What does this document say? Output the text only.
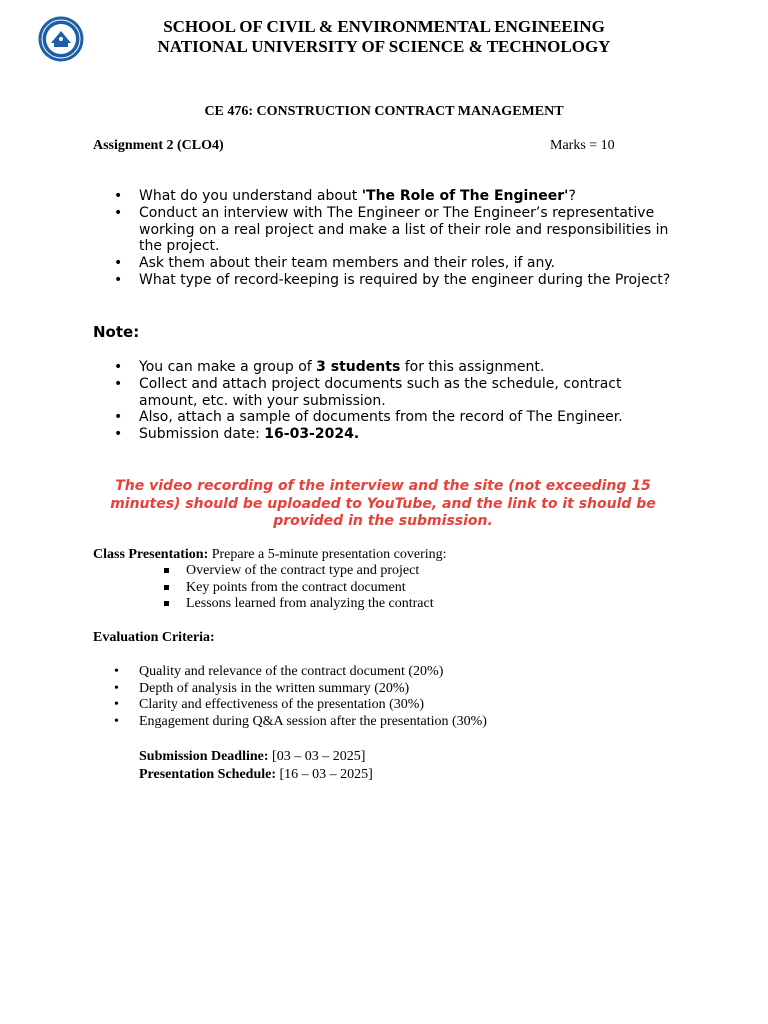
SCHOOL OF CIVIL & ENVIRONMENTAL ENGINEEING
NATIONAL UNIVERSITY OF SCIENCE & TECHNOLOGY
CE 476: CONSTRUCTION CONTRACT MANAGEMENT
Assignment 2 (CLO4)	Marks = 10
• What do you understand about 'The Role of The Engineer'?
• Conduct an interview with The Engineer or The Engineer’s representative working on a real project and make a list of their role and responsibilities in the project.
• Ask them about their team members and their roles, if any.
• What type of record-keeping is required by the engineer during the Project?
Note:
• You can make a group of 3 students for this assignment.
• Collect and attach project documents such as the schedule, contract amount, etc. with your submission.
• Also, attach a sample of documents from the record of The Engineer.
• Submission date: 16-03-2024.
The video recording of the interview and the site (not exceeding 15 minutes) should be uploaded to YouTube, and the link to it should be provided in the submission.
Class Presentation: Prepare a 5-minute presentation covering:
Overview of the contract type and project
Key points from the contract document
Lessons learned from analyzing the contract
Evaluation Criteria:
• Quality and relevance of the contract document (20%)
• Depth of analysis in the written summary (20%)
• Clarity and effectiveness of the presentation (30%)
• Engagement during Q&A session after the presentation (30%)
Submission Deadline: [03 – 03 – 2025]
Presentation Schedule: [16 – 03 – 2025]
